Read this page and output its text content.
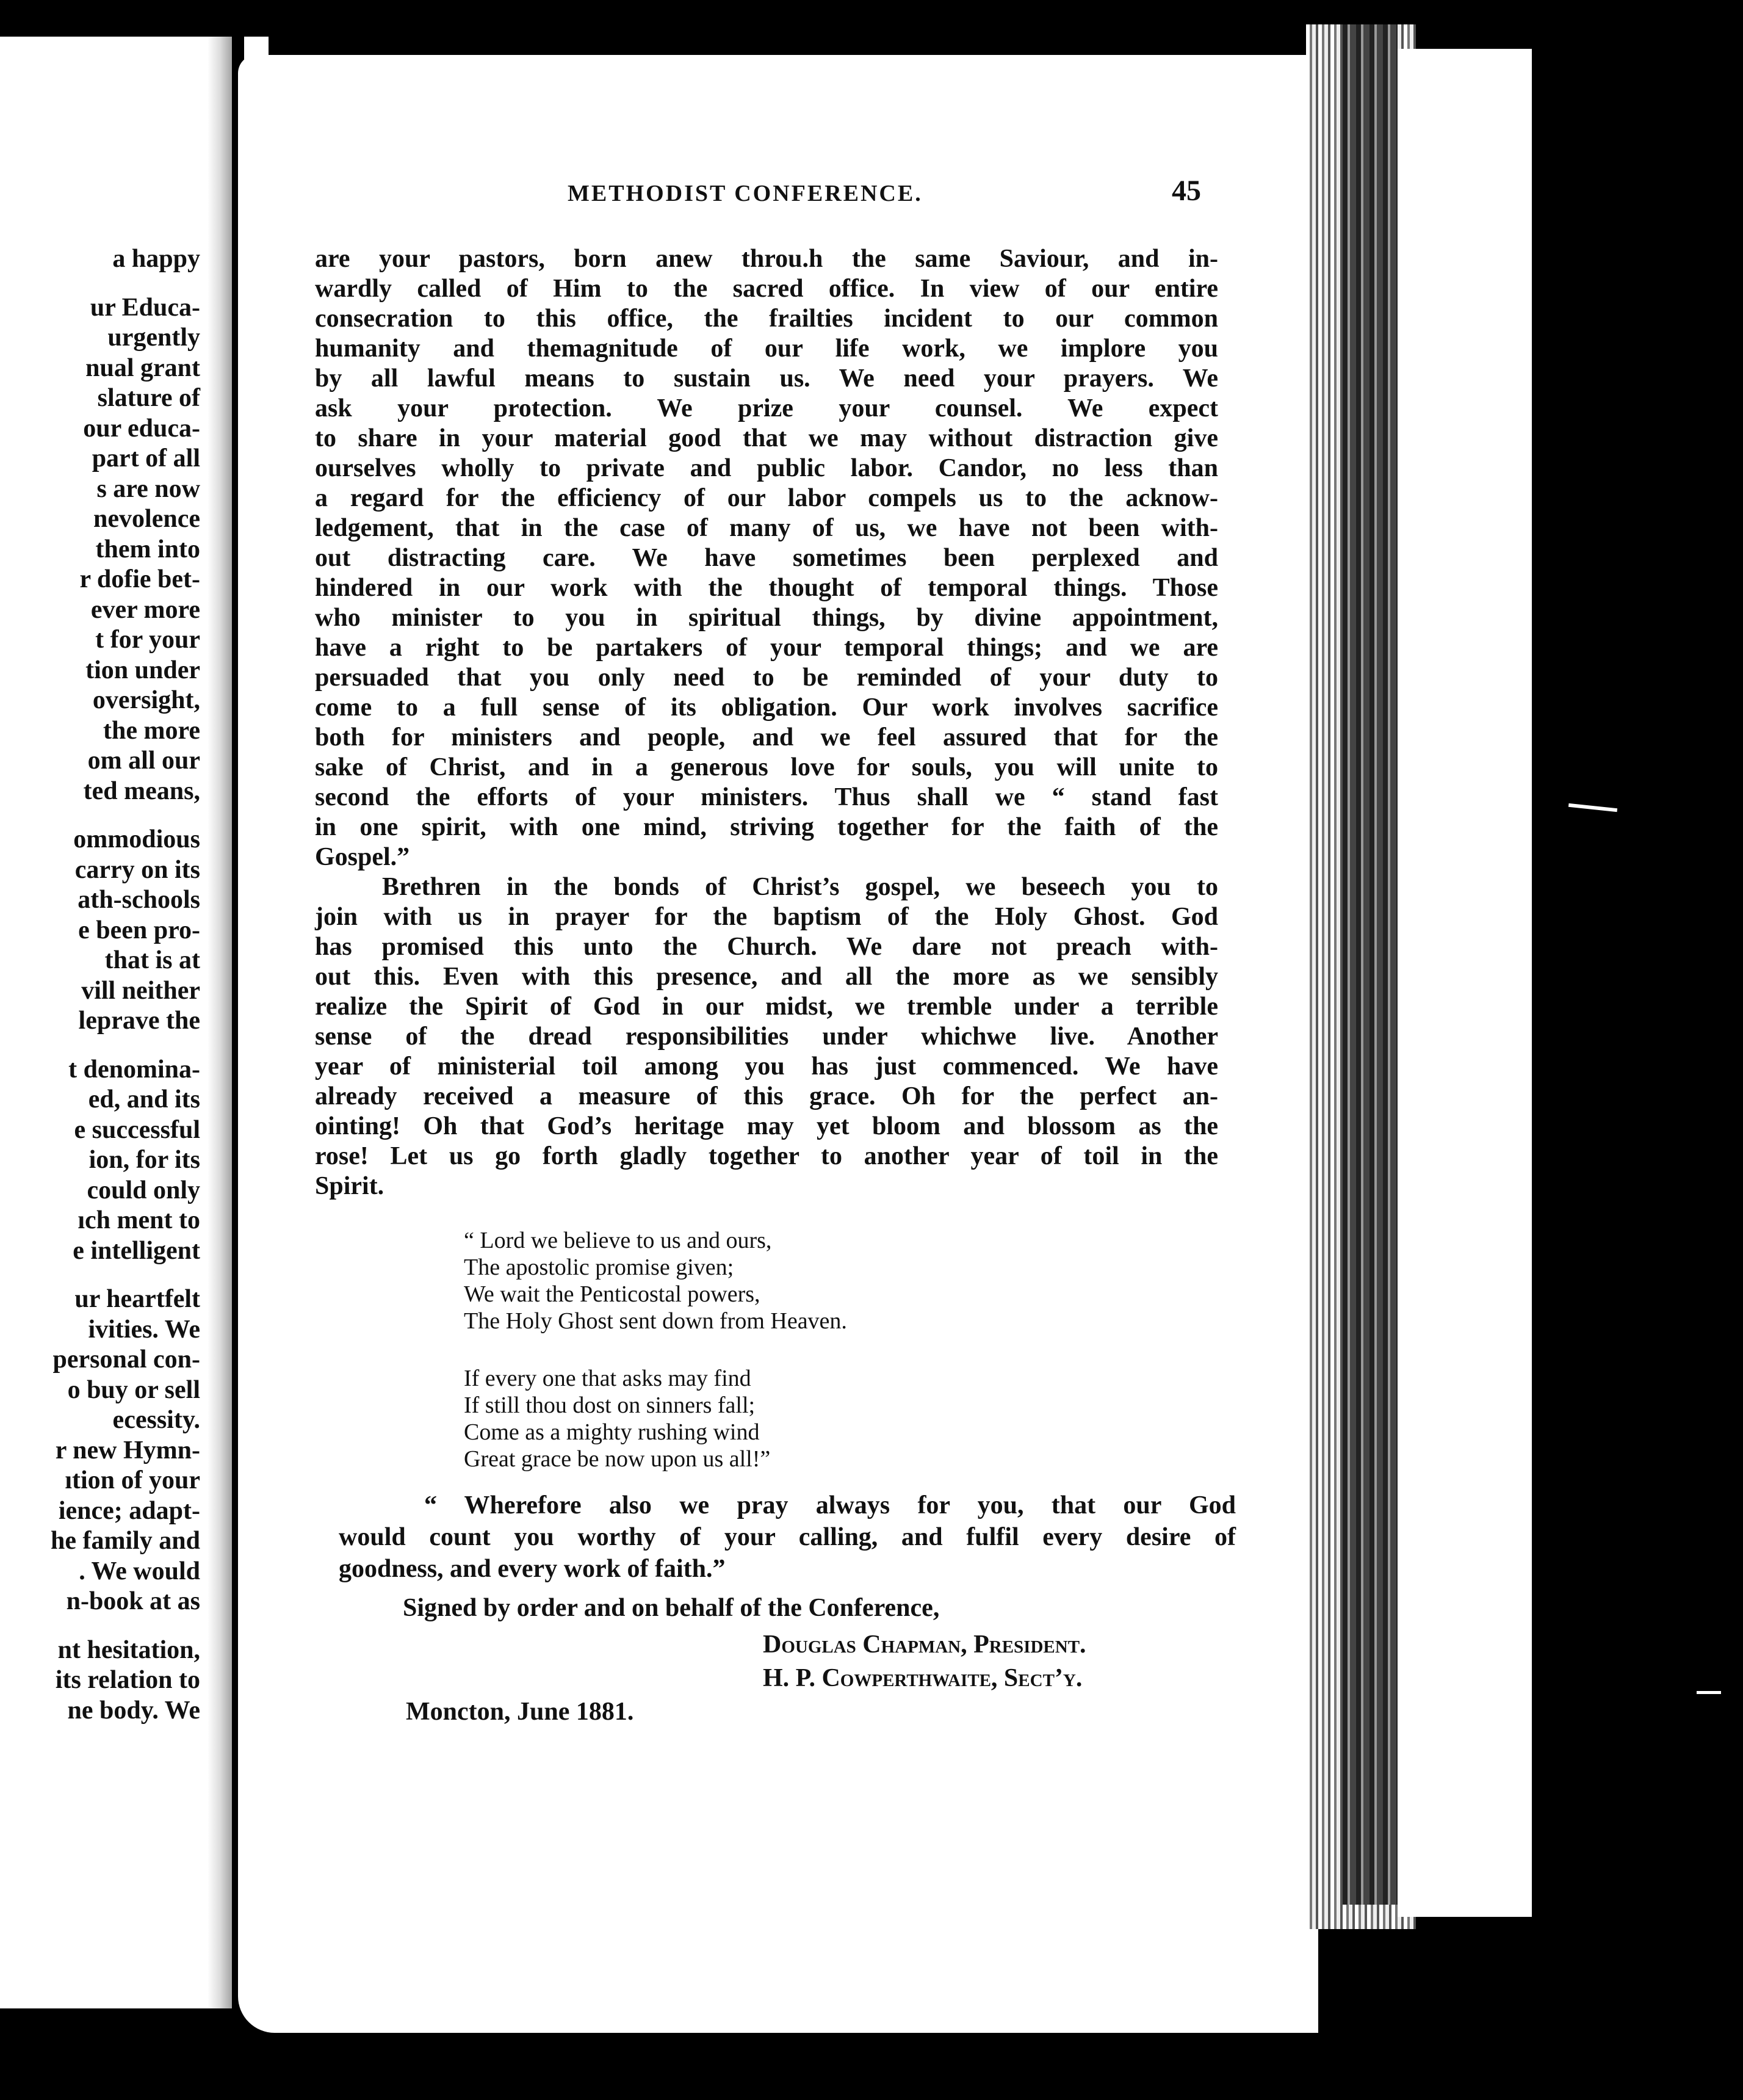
a happy
ur Educa-
urgently
nual grant
slature of
our educa-
part of all
s are now
nevolence
them into
r dofie bet-
ever more
t for your
tion under
oversight,
the more
om all our
ted means,
ommodious
carry on its
ath-schools
e been pro-
that is at
vill neither
leprave the
t denomina-
ed, and its
e successful
ion, for its
could only
ıch ment to
e intelligent
ur heartfelt
ivities. We
personal con-
o buy or sell
ecessity.
r new Hymn-
ıtion of your
ience; adapt-
he family and
. We would
n-book at as
nt hesitation,
its relation to
ne body. We
METHODIST CONFERENCE.	45
are your pastors, born anew throu.h the same Saviour, and in-
wardly called of Him to the sacred office. In view of our entire
consecration to this office, the frailties incident to our common
humanity and themagnitude of our life work, we implore you
by all lawful means to sustain us. We need your prayers. We
ask your protection. We prize your counsel. We expect
to share in your material good that we may without distraction give
ourselves wholly to private and public labor. Candor, no less than
a regard for the efficiency of our labor compels us to the acknow-
ledgement, that in the case of many of us, we have not been with-
out distracting care. We have sometimes been perplexed and
hindered in our work with the thought of temporal things. Those
who minister to you in spiritual things, by divine appointment,
have a right to be partakers of your temporal things; and we are
persuaded that you only need to be reminded of your duty to
come to a full sense of its obligation. Our work involves sacrifice
both for ministers and people, and we feel assured that for the
sake of Christ, and in a generous love for souls, you will unite to
second the efforts of your ministers. Thus shall we “ stand fast
in one spirit, with one mind, striving together for the faith of the
Gospel.”
Brethren in the bonds of Christ’s gospel, we beseech you to
join with us in prayer for the baptism of the Holy Ghost. God
has promised this unto the Church. We dare not preach with-
out this. Even with this presence, and all the more as we sensibly
realize the Spirit of God in our midst, we tremble under a terrible
sense of the dread responsibilities under whichwe live. Another
year of ministerial toil among you has just commenced. We have
already received a measure of this grace. Oh for the perfect an-
ointing! Oh that God’s heritage may yet bloom and blossom as the
rose! Let us go forth gladly together to another year of toil in the
Spirit.
“ Lord we believe to us and ours,
The apostolic promise given;
We wait the Penticostal powers,
The Holy Ghost sent down from Heaven.
If every one that asks may find
If still thou dost on sinners fall;
Come as a mighty rushing wind
Great grace be now upon us all!”
“ Wherefore also we pray always for you, that our God
would count you worthy of your calling, and fulfil every desire of
goodness, and every work of faith.”
Signed by order and on behalf of the Conference,
Douglas Chapman, President.
H. P. Cowperthwaite, Sect’y.
Moncton, June 1881.
